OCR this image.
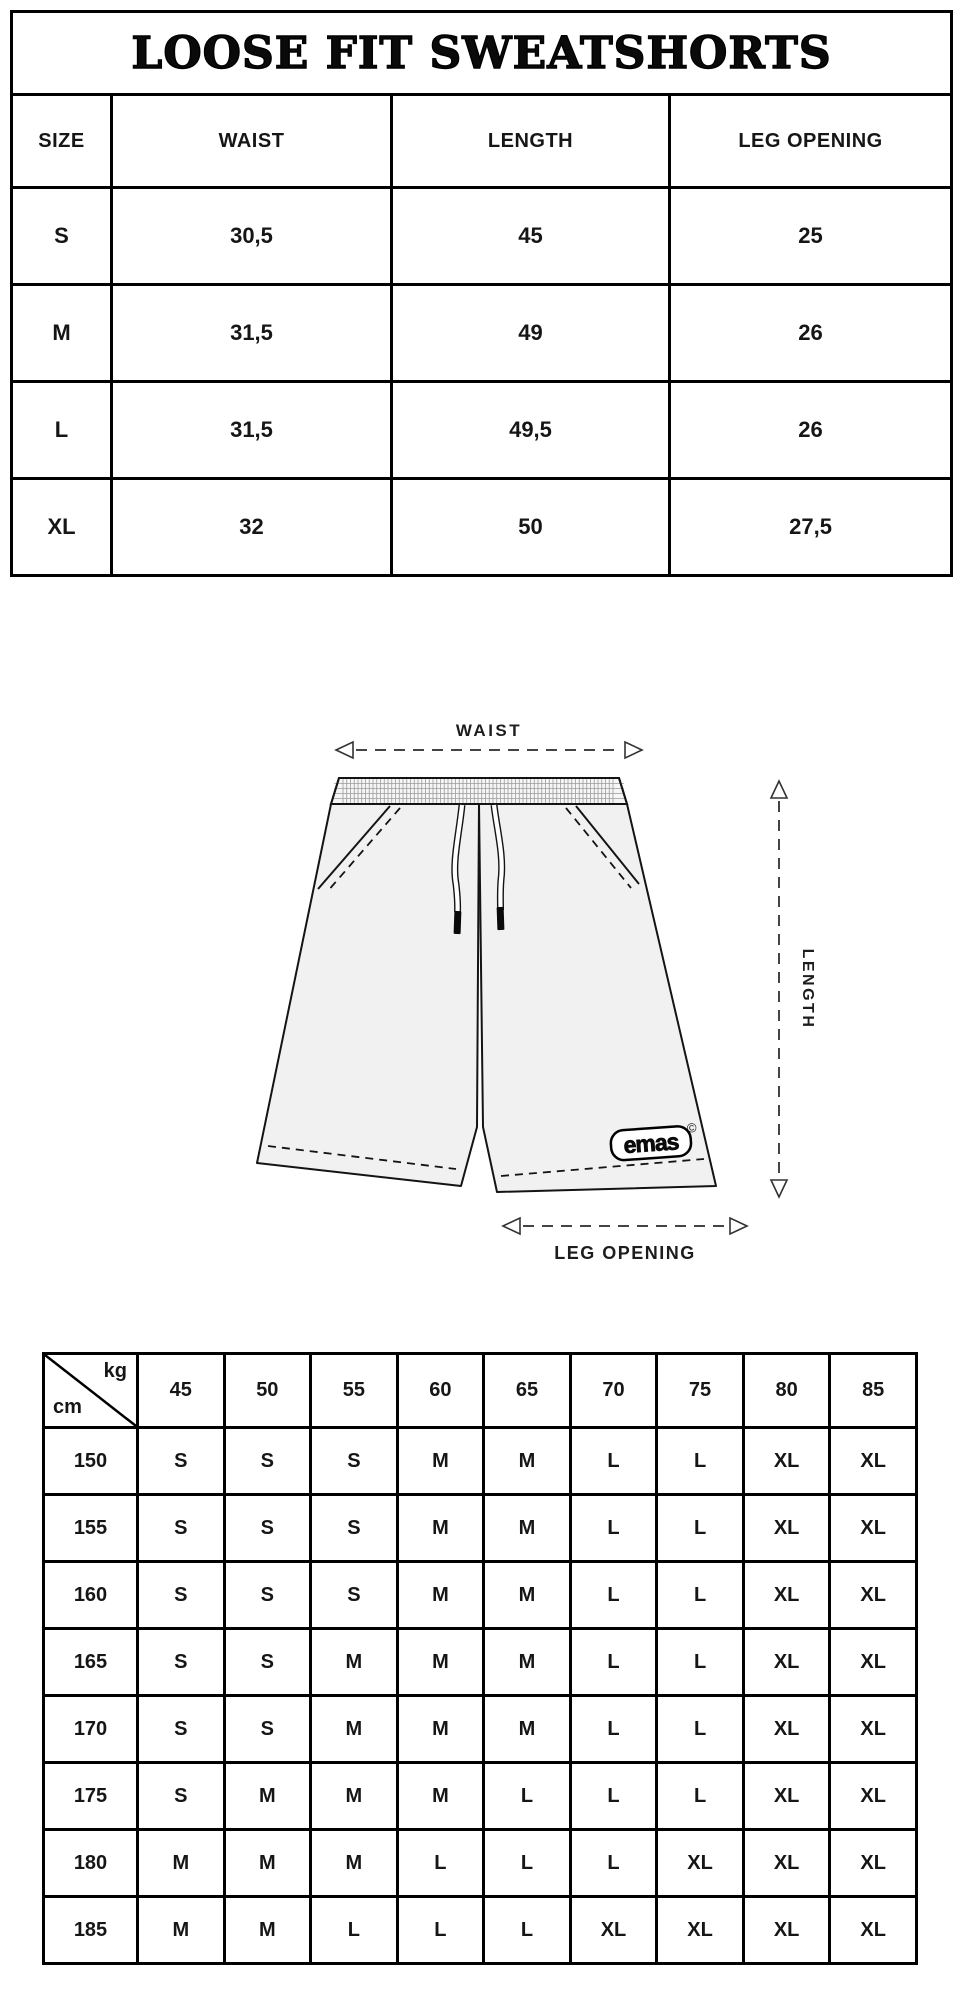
LOOSE FIT SWEATSHORTS			
SIZE	WAIST	LENGTH	LEG OPENING
S	30,5	45	25
M	31,5	49	26
L	31,5	49,5	26
XL	32	50	27,5
WAIST
emas
©
LENGTH
LEG OPENING
kg
cm	45	50	55	60	65	70	75	80	85
150	S	S	S	M	M	L	L	XL	XL
155	S	S	S	M	M	L	L	XL	XL
160	S	S	S	M	M	L	L	XL	XL
165	S	S	M	M	M	L	L	XL	XL
170	S	S	M	M	M	L	L	XL	XL
175	S	M	M	M	L	L	L	XL	XL
180	M	M	M	L	L	L	XL	XL	XL
185	M	M	L	L	L	XL	XL	XL	XL
